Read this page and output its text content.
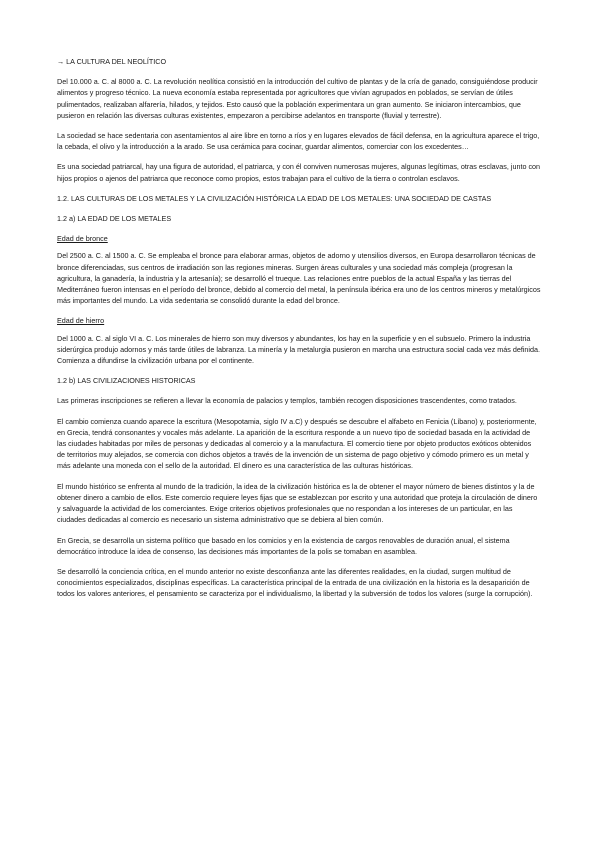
→ LA CULTURA DEL NEOLÍTICO
Del 10.000 a. C. al 8000 a. C. La revolución neolítica consistió en la introducción del cultivo de plantas y de la cría de ganado, consiguiéndose producir alimentos y progreso técnico. La nueva economía estaba representada por agricultores que vivían agrupados en poblados, se servían de útiles pulimentados, realizaban alfarería, hilados, y tejidos. Esto causó que la población experimentara un gran aumento. Se iniciaron intercambios, que pusieron en relación las diversas culturas existentes, empezaron a percibirse adelantos en transporte (fluvial y terrestre).
La sociedad se hace sedentaria con asentamientos al aire libre en torno a ríos y en lugares elevados de fácil defensa, en la agricultura aparece el trigo, la cebada, el olivo y la introducción a la arado. Se usa cerámica para cocinar, guardar alimentos, comerciar con los excedentes…
Es una sociedad patriarcal, hay una figura de autoridad, el patriarca, y con él conviven numerosas mujeres, algunas legítimas, otras esclavas, junto con hijos propios o ajenos del patriarca que reconoce como propios, estos trabajan para el cultivo de la tierra o controlan esclavos.
1.2. LAS CULTURAS DE LOS METALES Y LA CIVILIZACIÓN HISTÓRICA LA EDAD DE LOS METALES: UNA SOCIEDAD DE CASTAS
1.2 a) LA EDAD DE LOS METALES
Edad de bronce
Del 2500 a. C. al 1500 a. C. Se empleaba el bronce para elaborar armas, objetos de adorno y utensilios diversos, en Europa desarrollaron técnicas de bronce diferenciadas, sus centros de irradiación son las regiones mineras. Surgen áreas culturales y una sociedad más compleja (progresan la agricultura, la ganadería, la industria y la artesanía); se desarrolló el trueque. Las relaciones entre pueblos de la actual España y las tierras del Mediterráneo fueron intensas en el período del bronce, debido al comercio del metal, la península ibérica era uno de los centros mineros y metalúrgicos más importantes del mundo. La vida sedentaria se consolidó durante la edad del bronce.
Edad de hierro
Del 1000 a. C. al siglo VI a. C. Los minerales de hierro son muy diversos y abundantes, los hay en la superficie y en el subsuelo. Primero la industria siderúrgica produjo adornos y más tarde útiles de labranza. La minería y la metalurgia pusieron en marcha una estructura social cada vez más definida. Comienza a difundirse la civilización urbana por el continente.
1.2 b) LAS CIVILIZACIONES HISTORICAS
Las primeras inscripciones se refieren a llevar la economía de palacios y templos, también recogen disposiciones trascendentes, como tratados.
El cambio comienza cuando aparece la escritura (Mesopotamia, siglo IV a.C) y después se descubre el alfabeto en Fenicia (Líbano) y, posteriormente, en Grecia, tendrá consonantes y vocales más adelante. La aparición de la escritura responde a un nuevo tipo de sociedad basada en la actividad de las ciudades habitadas por miles de personas y dedicadas al comercio y a la manufactura. El comercio tiene por objeto productos exóticos obtenidos de territorios muy alejados, se comercia con dichos objetos a través de la invención de un sistema de pago objetivo y cómodo primero es un metal y más adelante una moneda con el sello de la autoridad. El dinero es una característica de las culturas históricas.
El mundo histórico se enfrenta al mundo de la tradición, la idea de la civilización histórica es la de obtener el mayor número de bienes distintos y la de obtener dinero a cambio de ellos. Este comercio requiere leyes fijas que se establezcan por escrito y una autoridad que proteja la circulación de dinero y salvaguarde la actividad de los comerciantes. Exige criterios objetivos profesionales que no respondan a los intereses de un particular, en las ciudades dedicadas al comercio es necesario un sistema administrativo que se debiera al bien común.
En Grecia, se desarrolla un sistema político que basado en los comicios y en la existencia de cargos renovables de duración anual, el sistema democrático introduce la idea de consenso, las decisiones más importantes de la polis se tomaban en asamblea.
Se desarrolló la conciencia crítica, en el mundo anterior no existe desconfianza ante las diferentes realidades, en la ciudad, surgen multitud de conocimientos especializados, disciplinas específicas. La característica principal de la entrada de una civilización en la historia es la desaparición de todos los valores anteriores, el pensamiento se caracteriza por el individualismo, la libertad y la subversión de todos los valores (surge la corrupción).
